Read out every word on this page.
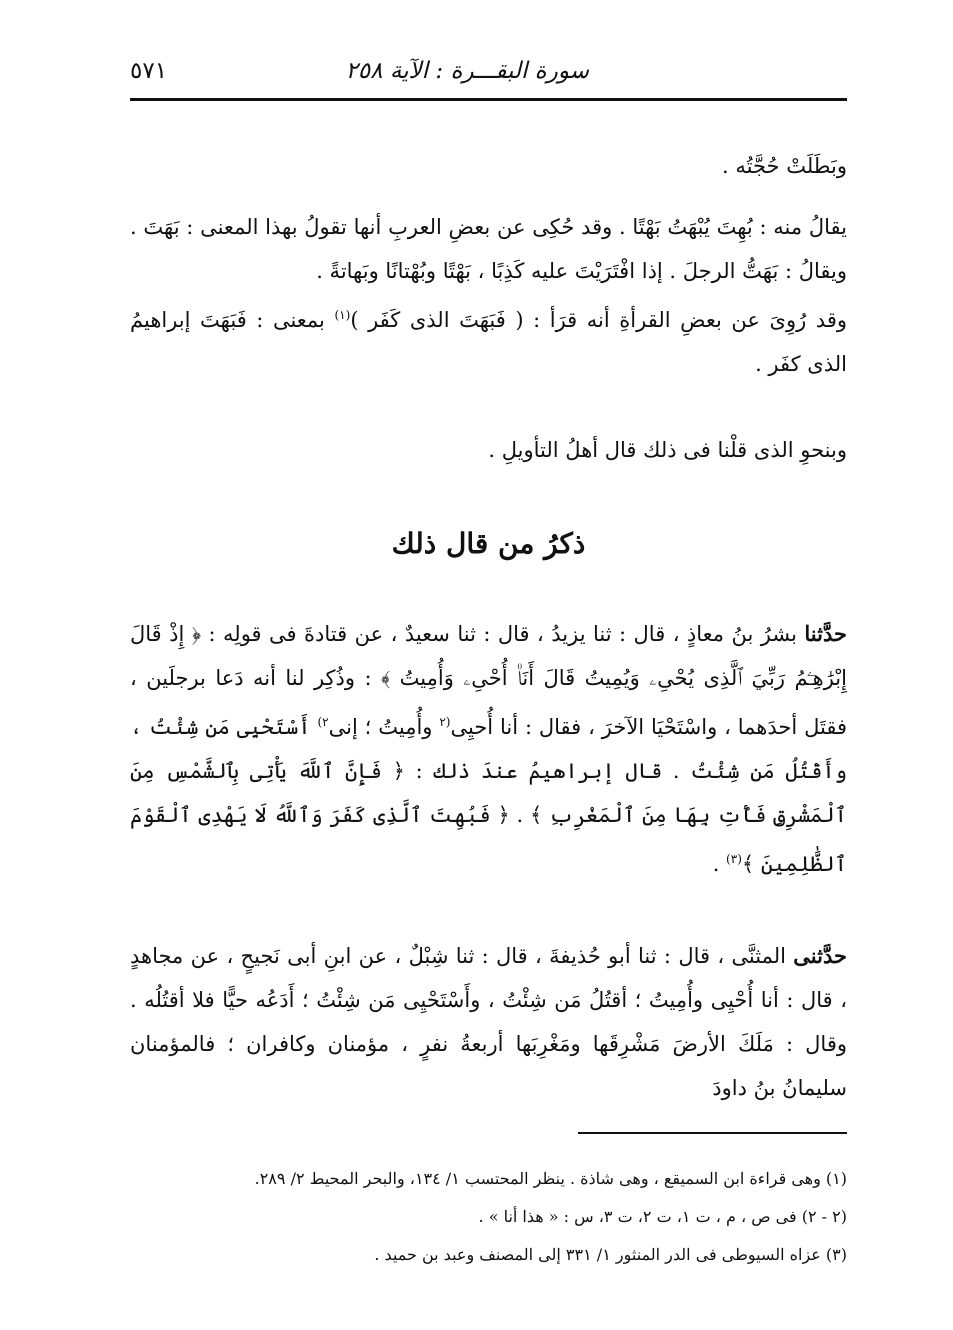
سورة البقـــرة : الآية ٢٥٨
٥٧١

وبَطَلَتْ حُجَّتُه .

يقالُ منه : بُهِتَ يُبْهَتُ بَهْتًا . وقد حُكِى عن بعضِ العربِ أنها تقولُ بهذا المعنى : بَهَتَ . ويقالُ : بَهَتُّ الرجلَ . إذا افْتَرَيْتَ عليه كَذِبًا ، بَهْتًا وبُهْتانًا وبَهاتةً .

وقد رُوِىَ عن بعضِ القرأةِ أنه قرَأ : ( فَبَهَتَ الذى كَفَر )$^{(١)}$ بمعنى : فَبَهَتَ إبراهيمُ الذى كفَر .

وبنحوِ الذى قلْنا فى ذلك قال أهلُ التأويلِ .

ذكرُ من قال ذلك

حدَّثنا بشرُ بنُ معاذٍ ، قال : ثنا يزيدُ ، قال : ثنا سعيدٌ ، عن قتادةَ فى قولِه : ﴿ إِذْ قَالَ إِبْرَٰهِـۧمُ رَبِّيَ ٱلَّذِى يُحْىِۦ وَيُمِيتُ قَالَ أَنَا۠ أُحْىِۦ وَأُمِيتُ ﴾ : وذُكِر لنا أنه دَعا برجلَين ، فقتَل أحدَهما ، واسْتَحْيَا الآخرَ ، فقال : أنا أُحيِى$^{(٢}$ وأُمِيتُ ؛ إنى$^{٢)}$ أَسْتَحْيِى مَن شِئْتُ ، وأَقْتُلُ مَن شِئْتُ . قال إبراهيمُ عندَ ذلك : ﴿ فَإِنَّ ٱللَّهَ يَأْتِى بِٱلشَّمْسِ مِنَ ٱلْمَشْرِقِ فَأْتِ بِهَا مِنَ ٱلْمَغْرِبِ ﴾ . ﴿ فَبُهِتَ ٱلَّذِى كَفَرَ وَٱللَّهُ لَا يَهْدِى ٱلْقَوْمَ ٱلظَّٰلِمِينَ ﴾$^{(٣)}$ .

حدَّثنى المثنَّى ، قال : ثنا أبو حُذيفةَ ، قال : ثنا شِبْلٌ ، عن ابنِ أبى نَجيحٍ ، عن مجاهدٍ ، قال : أنا أُحْيِى وأُمِيتُ ؛ أقتُلُ مَن شِئْتُ ، وأَسْتَحْيِى مَن شِئْتُ ؛ أَدَعُه حيًّا فلا أقتُلُه . وقال : مَلَكَ الأرضَ مَشْرِقَها ومَغْرِبَها أربعةُ نفرٍ ، مؤمنان وكافران ؛ فالمؤمنان سليمانُ بنُ داودَ

(١) وهى قراءة ابن السميقع ، وهى شاذة . ينظر المحتسب ١/ ١٣٤، والبحر المحيط ٢/ ٢٨٩.

(٢ - ٢) فى ص ، م ، ت ١، ت ٢، ت ٣، س : « هذا أنا » .

(٣) عزاه السيوطى فى الدر المنثور ١/ ٣٣١ إلى المصنف وعبد بن حميد .
